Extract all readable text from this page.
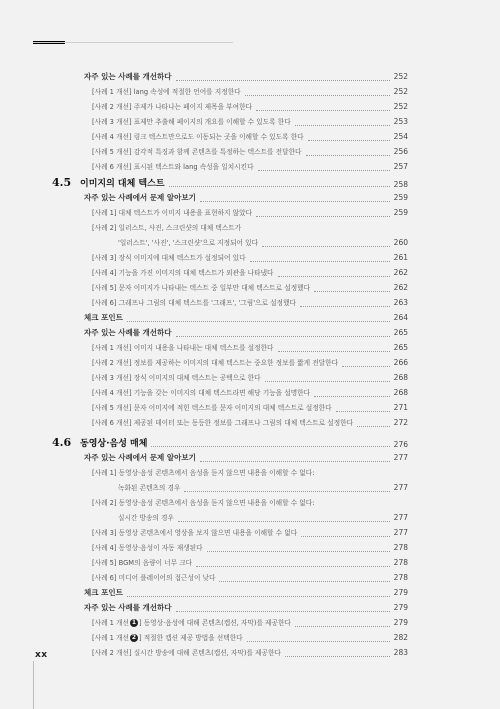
자주 있는 사례를 개선하다	252
[사례 1 개선] lang 속성에 적절한 언어를 지정한다	252
[사례 2 개선] 주제가 나타나는 페이지 제목을 부여한다	252
[사례 3 개선] 표제만 추출해 페이지의 개요를 이해할 수 있도록 한다	253
[사례 4 개선] 링크 텍스트만으로도 이동되는 곳을 이해할 수 있도록 한다	254
[사례 5 개선] 감각적 특징과 함께 콘텐츠를 특정하는 텍스트를 전달한다	256
[사례 6 개선] 표시된 텍스트와 lang 속성을 일치시킨다	257
4.5 이미지의 대체 텍스트	258
자주 있는 사례에서 문제 알아보기	259
[사례 1] 대체 텍스트가 이미지 내용을 표현하지 않았다	259
[사례 2] 일러스트, 사진, 스크린샷의 대체 텍스트가
'일러스트', '사진', '스크린샷'으로 지정되어 있다	260
[사례 3] 장식 이미지에 대체 텍스트가 설정되어 있다	261
[사례 4] 기능을 가진 이미지의 대체 텍스트가 외관을 나타냈다	262
[사례 5] 문자 이미지가 나타내는 텍스트 중 일부만 대체 텍스트로 설정했다	262
[사례 6] 그래프나 그림의 대체 텍스트를 '그래프', '그림'으로 설정했다	263
체크 포인트	264
자주 있는 사례를 개선하다	265
[사례 1 개선] 이미지 내용을 나타내는 대체 텍스트를 설정한다	265
[사례 2 개선] 정보를 제공하는 이미지의 대체 텍스트는 중요한 정보를 짧게 전달한다	266
[사례 3 개선] 장식 이미지의 대체 텍스트는 공백으로 한다	268
[사례 4 개선] 기능을 갖는 이미지의 대체 텍스트라면 해당 기능을 설명한다	268
[사례 5 개선] 문자 이미지에 적힌 텍스트를 문자 이미지의 대체 텍스트로 설정한다	271
[사례 6 개선] 제공된 데이터 또는 동등한 정보를 그래프나 그림의 대체 텍스트로 설정한다	272
4.6 동영상·음성 매체	276
자주 있는 사례에서 문제 알아보기	277
[사례 1] 동영상·음성 콘텐츠에서 음성을 듣지 않으면 내용을 이해할 수 없다:
녹화된 콘텐츠의 경우	277
[사례 2] 동영상·음성 콘텐츠에서 음성을 듣지 않으면 내용을 이해할 수 없다:
실시간 방송의 경우	277
[사례 3] 동영상 콘텐츠에서 영상을 보지 않으면 내용을 이해할 수 없다	277
[사례 4] 동영상·음성이 자동 재생된다	278
[사례 5] BGM의 음량이 너무 크다	278
[사례 6] 미디어 플레이어의 접근성이 낮다	278
체크 포인트	279
자주 있는 사례를 개선하다	279
[사례 1 개선 1 ] 동영상·음성에 대해 콘텐츠(캡션, 자막)를 제공한다	279
[사례 1 개선 2 ] 적절한 캡션 제공 방법을 선택한다	282
[사례 2 개선] 실시간 방송에 대해 콘텐츠(캡션, 자막)를 제공한다	283
xx
